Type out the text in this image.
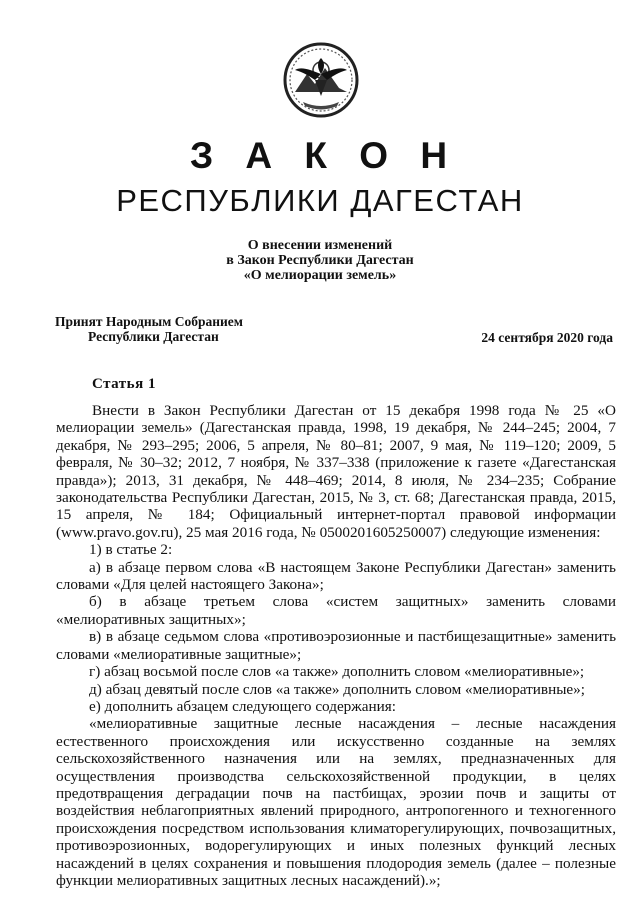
З А К О Н
РЕСПУБЛИКИ ДАГЕСТАН
О внесении изменений
в Закон Республики Дагестан
«О мелиорации земель»
Принят Народным Собранием
Республики Дагестан	24 сентября 2020 года
Статья 1

Внести в Закон Республики Дагестан от 15 декабря 1998 года № 25 «О мелиорации земель» (Дагестанская правда, 1998, 19 декабря, № 244–245; 2004, 7 декабря, № 293–295; 2006, 5 апреля, № 80–81; 2007, 9 мая, № 119–120; 2009, 5 февраля, № 30–32; 2012, 7 ноября, № 337–338 (приложение к газете «Дагестанская правда»); 2013, 31 декабря, № 448–469; 2014, 8 июля, № 234–235; Собрание законодательства Республики Дагестан, 2015, № 3, ст. 68; Дагестанская правда, 2015, 15 апреля, № 184; Официальный интернет-портал правовой информации (www.pravo.gov.ru), 25 мая 2016 года, № 0500201605250007) следующие изменения:

1) в статье 2:

а) в абзаце первом слова «В настоящем Законе Республики Дагестан» заменить словами «Для целей настоящего Закона»;

б) в абзаце третьем слова «систем защитных» заменить словами «мелиоративных защитных»;

в) в абзаце седьмом слова «противоэрозионные и пастбищезащитные» заменить словами «мелиоративные защитные»;

г) абзац восьмой после слов «а также» дополнить словом «мелиоративные»;

д) абзац девятый после слов «а также» дополнить словом «мелиоративные»;

е) дополнить абзацем следующего содержания:

«мелиоративные защитные лесные насаждения – лесные насаждения естественного происхождения или искусственно созданные на землях сельскохозяйственного назначения или на землях, предназначенных для осуществления производства сельскохозяйственной продукции, в целях предотвращения деградации почв на пастбищах, эрозии почв и защиты от воздействия неблагоприятных явлений природного, антропогенного и техногенного происхождения посредством использования климаторегулирующих, почвозащитных, противоэрозионных, водорегулирующих и иных полезных функций лесных насаждений в целях сохранения и повышения плодородия земель (далее – полезные функции мелиоративных защитных лесных насаждений).»;
